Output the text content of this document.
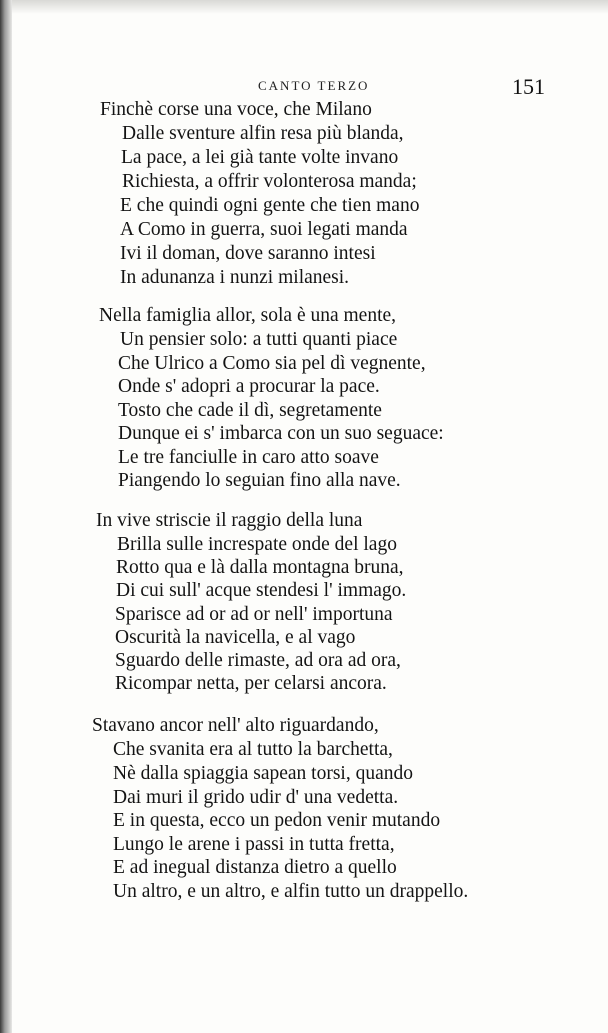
CANTO TERZO	151
Finchè corse una voce, che Milano
Dalle sventure alfin resa più blanda,
La pace, a lei già tante volte invano
Richiesta, a offrir volonterosa manda;
E che quindi ogni gente che tien mano
A Como in guerra, suoi legati manda
Ivi il doman, dove saranno intesi
In adunanza i nunzi milanesi.
Nella famiglia allor, sola è una mente,
Un pensier solo: a tutti quanti piace
Che Ulrico a Como sia pel dì vegnente,
Onde s' adopri a procurar la pace.
Tosto che cade il dì, segretamente
Dunque ei s' imbarca con un suo seguace:
Le tre fanciulle in caro atto soave
Piangendo lo seguian fino alla nave.
In vive striscie il raggio della luna
Brilla sulle increspate onde del lago
Rotto qua e là dalla montagna bruna,
Di cui sull' acque stendesi l' immago.
Sparisce ad or ad or nell' importuna
Oscurità la navicella, e al vago
Sguardo delle rimaste, ad ora ad ora,
Ricompar netta, per celarsi ancora.
Stavano ancor nell' alto riguardando,
Che svanita era al tutto la barchetta,
Nè dalla spiaggia sapean torsi, quando
Dai muri il grido udir d' una vedetta.
E in questa, ecco un pedon venir mutando
Lungo le arene i passi in tutta fretta,
E ad inegual distanza dietro a quello
Un altro, e un altro, e alfin tutto un drappello.
